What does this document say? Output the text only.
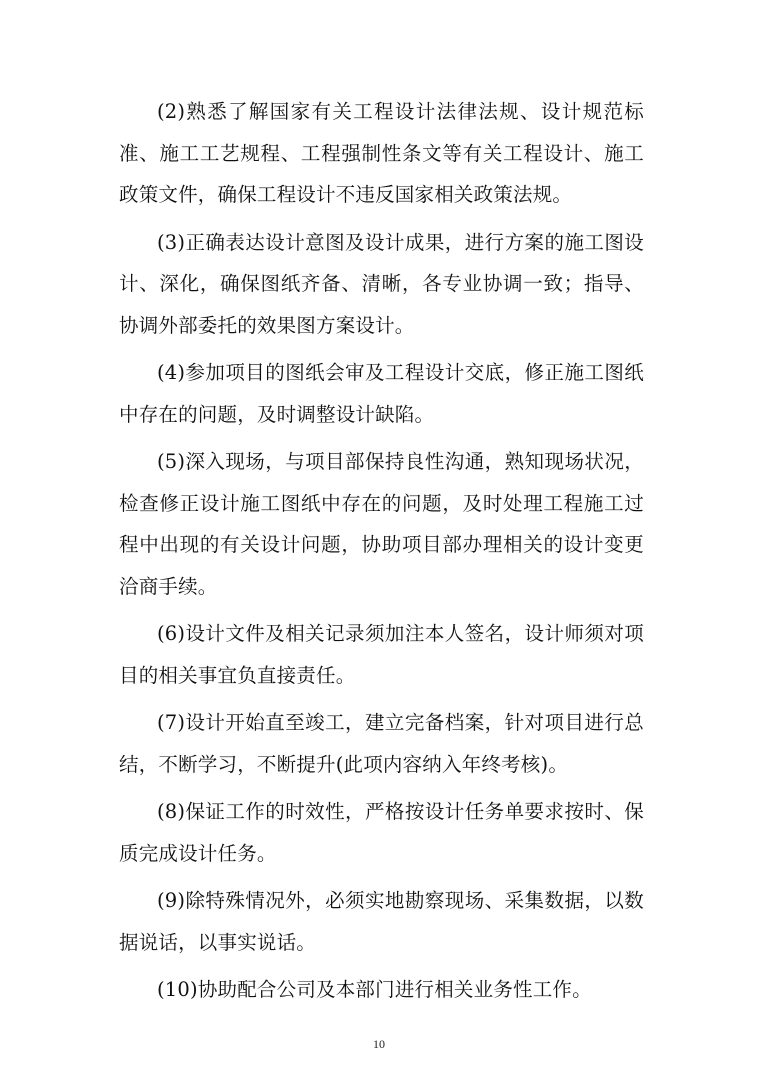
(2)熟悉了解国家有关工程设计法律法规、设计规范标准、施工工艺规程、工程强制性条文等有关工程设计、施工政策文件，确保工程设计不违反国家相关政策法规。

(3)正确表达设计意图及设计成果，进行方案的施工图设计、深化，确保图纸齐备、清晰，各专业协调一致；指导、协调外部委托的效果图方案设计。

(4)参加项目的图纸会审及工程设计交底，修正施工图纸中存在的问题，及时调整设计缺陷。

(5)深入现场，与项目部保持良性沟通，熟知现场状况，检查修正设计施工图纸中存在的问题，及时处理工程施工过程中出现的有关设计问题，协助项目部办理相关的设计变更洽商手续。

(6)设计文件及相关记录须加注本人签名，设计师须对项目的相关事宜负直接责任。

(7)设计开始直至竣工，建立完备档案，针对项目进行总结，不断学习，不断提升(此项内容纳入年终考核)。

(8)保证工作的时效性，严格按设计任务单要求按时、保质完成设计任务。

(9)除特殊情况外，必须实地勘察现场、采集数据，以数据说话，以事实说话。

(10)协助配合公司及本部门进行相关业务性工作。

10
